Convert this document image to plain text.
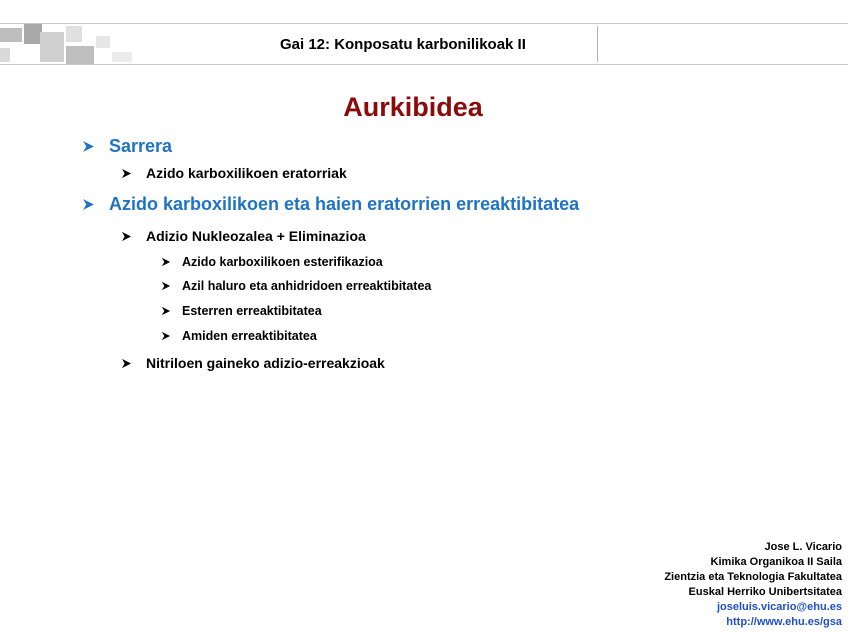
Gai 12: Konposatu karbonilikoak II
Aurkibidea
Sarrera
Azido karboxilikoen eratorriak
Azido karboxilikoen eta haien eratorrien erreaktibitatea
Adizio Nukleozalea + Eliminazioa
Azido karboxilikoen esterifikazioa
Azil haluro eta anhidridoen erreaktibitatea
Esterren erreaktibitatea
Amiden erreaktibitatea
Nitriloen gaineko adizio-erreakzioak
Jose L. Vicario
Kimika Organikoa II Saila
Zientzia eta Teknologia Fakultatea
Euskal Herriko Unibertsitatea
joseluis.vicario@ehu.es
http://www.ehu.es/gsa
